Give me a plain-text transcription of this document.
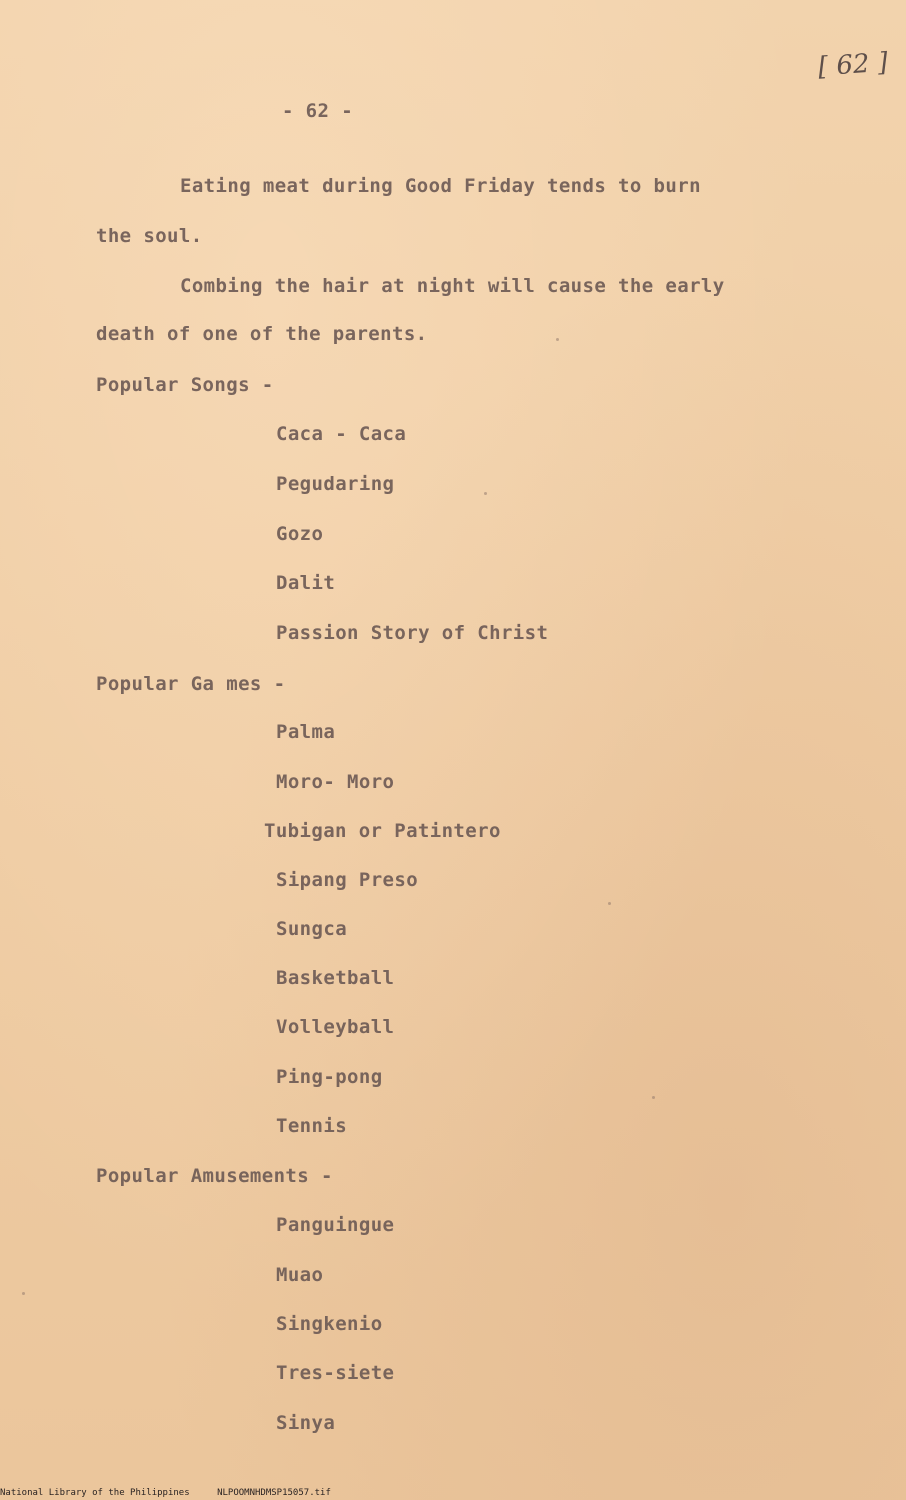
[ 62 ]
- 62 -
Eating meat during Good Friday tends to burn
the soul.
Combing the hair at night will cause the early
death of one of the parents.
Popular Songs -
Caca - Caca
Pegudaring
Gozo
Dalit
Passion Story of Christ
Popular Ga mes -
Palma
Moro- Moro
Tubigan or Patintero
Sipang Preso
Sungca
Basketball
Volleyball
Ping-pong
Tennis
Popular Amusements -
Panguingue
Muao
Singkenio
Tres-siete
Sinya
National Library of the Philippines	NLPOOMNHDMSP15057.tif
